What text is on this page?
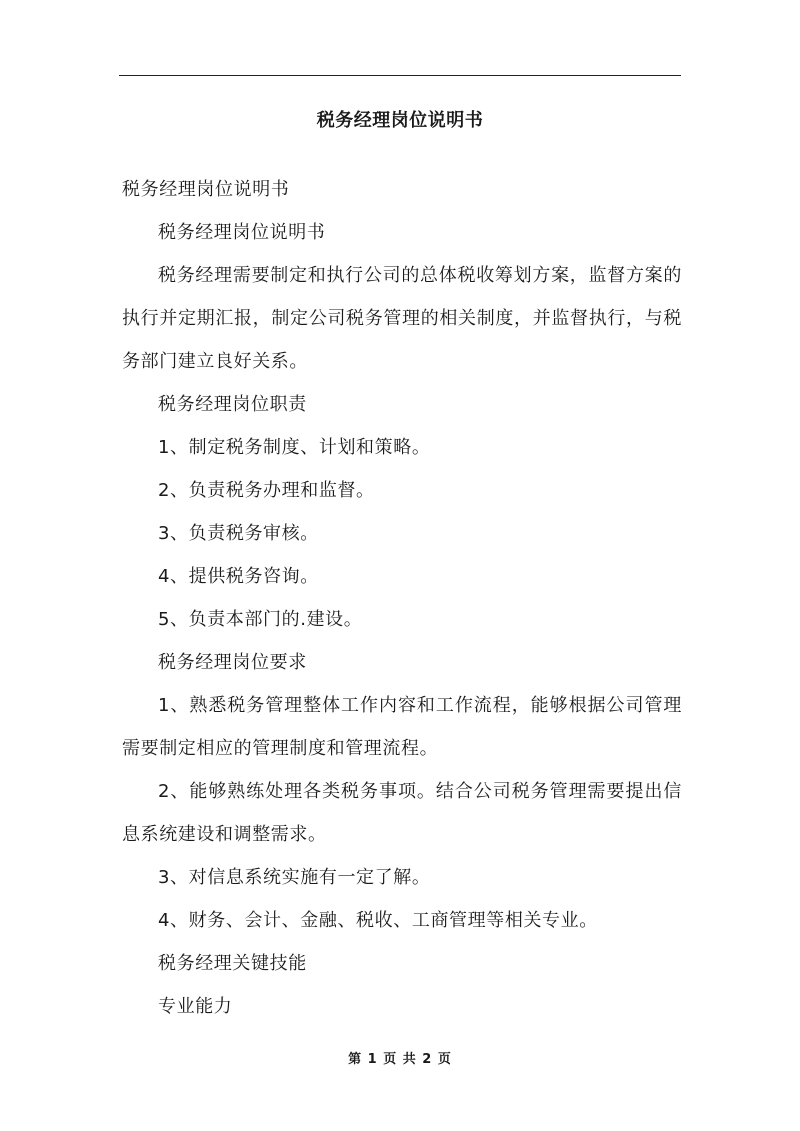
税务经理岗位说明书

税务经理岗位说明书

税务经理岗位说明书

税务经理需要制定和执行公司的总体税收筹划方案，监督方案的执行并定期汇报，制定公司税务管理的相关制度，并监督执行，与税务部门建立良好关系。

税务经理岗位职责

1、制定税务制度、计划和策略。

2、负责税务办理和监督。

3、负责税务审核。

4、提供税务咨询。

5、负责本部门的.建设。

税务经理岗位要求

1、熟悉税务管理整体工作内容和工作流程，能够根据公司管理需要制定相应的管理制度和管理流程。

2、能够熟练处理各类税务事项。结合公司税务管理需要提出信息系统建设和调整需求。

3、对信息系统实施有一定了解。

4、财务、会计、金融、税收、工商管理等相关专业。

税务经理关键技能

专业能力

第 1 页 共 2 页
